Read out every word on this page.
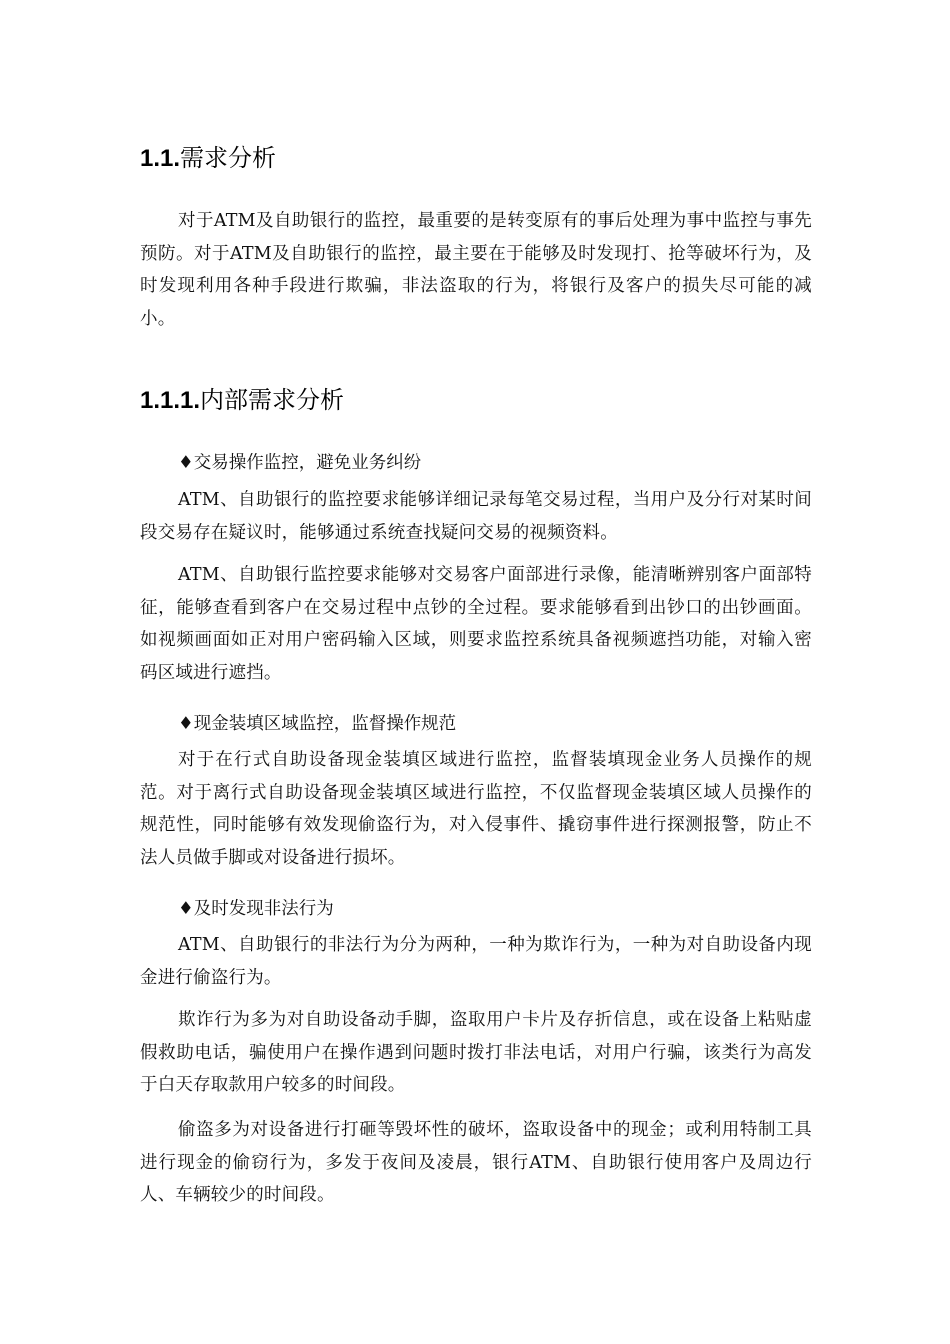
1.1.需求分析

对于ATM及自助银行的监控，最重要的是转变原有的事后处理为事中监控与事先预防。对于ATM及自助银行的监控，最主要在于能够及时发现打、抢等破坏行为，及时发现利用各种手段进行欺骗，非法盗取的行为，将银行及客户的损失尽可能的减小。

1.1.1.内部需求分析
♦交易操作监控，避免业务纠纷

ATM、自助银行的监控要求能够详细记录每笔交易过程，当用户及分行对某时间段交易存在疑议时，能够通过系统查找疑问交易的视频资料。

ATM、自助银行监控要求能够对交易客户面部进行录像，能清晰辨别客户面部特征，能够查看到客户在交易过程中点钞的全过程。要求能够看到出钞口的出钞画面。如视频画面如正对用户密码输入区域，则要求监控系统具备视频遮挡功能，对输入密码区域进行遮挡。

♦现金装填区域监控，监督操作规范

对于在行式自助设备现金装填区域进行监控，监督装填现金业务人员操作的规范。对于离行式自助设备现金装填区域进行监控，不仅监督现金装填区域人员操作的规范性，同时能够有效发现偷盗行为，对入侵事件、撬窃事件进行探测报警，防止不法人员做手脚或对设备进行损坏。

♦及时发现非法行为

ATM、自助银行的非法行为分为两种，一种为欺诈行为，一种为对自助设备内现金进行偷盗行为。

欺诈行为多为对自助设备动手脚，盗取用户卡片及存折信息，或在设备上粘贴虚假救助电话，骗使用户在操作遇到问题时拨打非法电话，对用户行骗，该类行为高发于白天存取款用户较多的时间段。

偷盗多为对设备进行打砸等毁坏性的破坏，盗取设备中的现金；或利用特制工具进行现金的偷窃行为，多发于夜间及凌晨，银行ATM、自助银行使用客户及周边行人、车辆较少的时间段。
